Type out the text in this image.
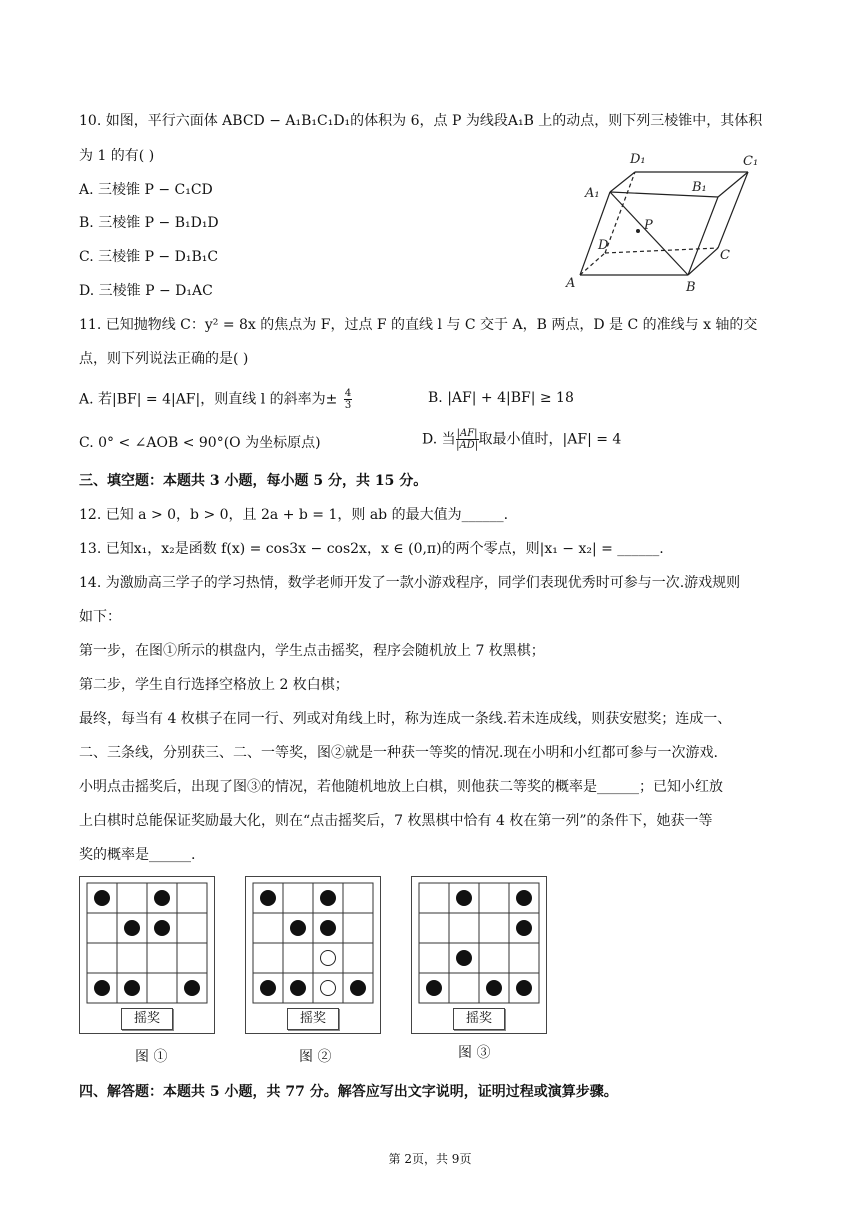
10. 如图，平行六面体 ABCD − A₁B₁C₁D₁的体积为 6，点 P 为线段A₁B 上的动点，则下列三棱锥中，其体积
为 1 的有( )
A. 三棱锥 P − C₁CD
B. 三棱锥 P − B₁D₁D
C. 三棱锥 P − D₁B₁C
D. 三棱锥 P − D₁AC
D₁	C₁
A₁	B₁
P
D
C
A	B
11. 已知抛物线 C：y² = 8x 的焦点为 F，过点 F 的直线 l 与 C 交于 A，B 两点，D 是 C 的准线与 x 轴的交
点，则下列说法正确的是( )
A. 若|BF| = 4|AF|，则直线 l 的斜率为± $\frac{4}{3}$	B. |AF| + 4|BF| ≥ 18
C. 0° < ∠AOB < 90°(O 为坐标原点)	D. 当 $\frac{|AF|}{|AD|}$ 取最小值时，|AF| = 4
三、填空题：本题共 3 小题，每小题 5 分，共 15 分。
12. 已知 a > 0，b > 0，且 2a + b = 1，则 ab 的最大值为______.
13. 已知x₁，x₂是函数 f(x) = cos3x − cos2x，x ∈ (0,π)的两个零点，则|x₁ − x₂| = ______.
14. 为激励高三学子的学习热情，数学老师开发了一款小游戏程序，同学们表现优秀时可参与一次.游戏规则
如下：
第一步，在图①所示的棋盘内，学生点击摇奖，程序会随机放上 7 枚黑棋；
第二步，学生自行选择空格放上 2 枚白棋；
最终，每当有 4 枚棋子在同一行、列或对角线上时，称为连成一条线.若未连成线，则获安慰奖；连成一、
二、三条线，分别获三、二、一等奖，图②就是一种获一等奖的情况.现在小明和小红都可参与一次游戏.
小明点击摇奖后，出现了图③的情况，若他随机地放上白棋，则他获二等奖的概率是______；已知小红放
上白棋时总能保证奖励最大化，则在“点击摇奖后，7 枚黑棋中恰有 4 枚在第一列”的条件下，她获一等
奖的概率是______.
摇奖
图 ①
摇奖
图 ②
摇奖
图 ③
四、解答题：本题共 5 小题，共 77 分。解答应写出文字说明，证明过程或演算步骤。
第 2页，共 9页
